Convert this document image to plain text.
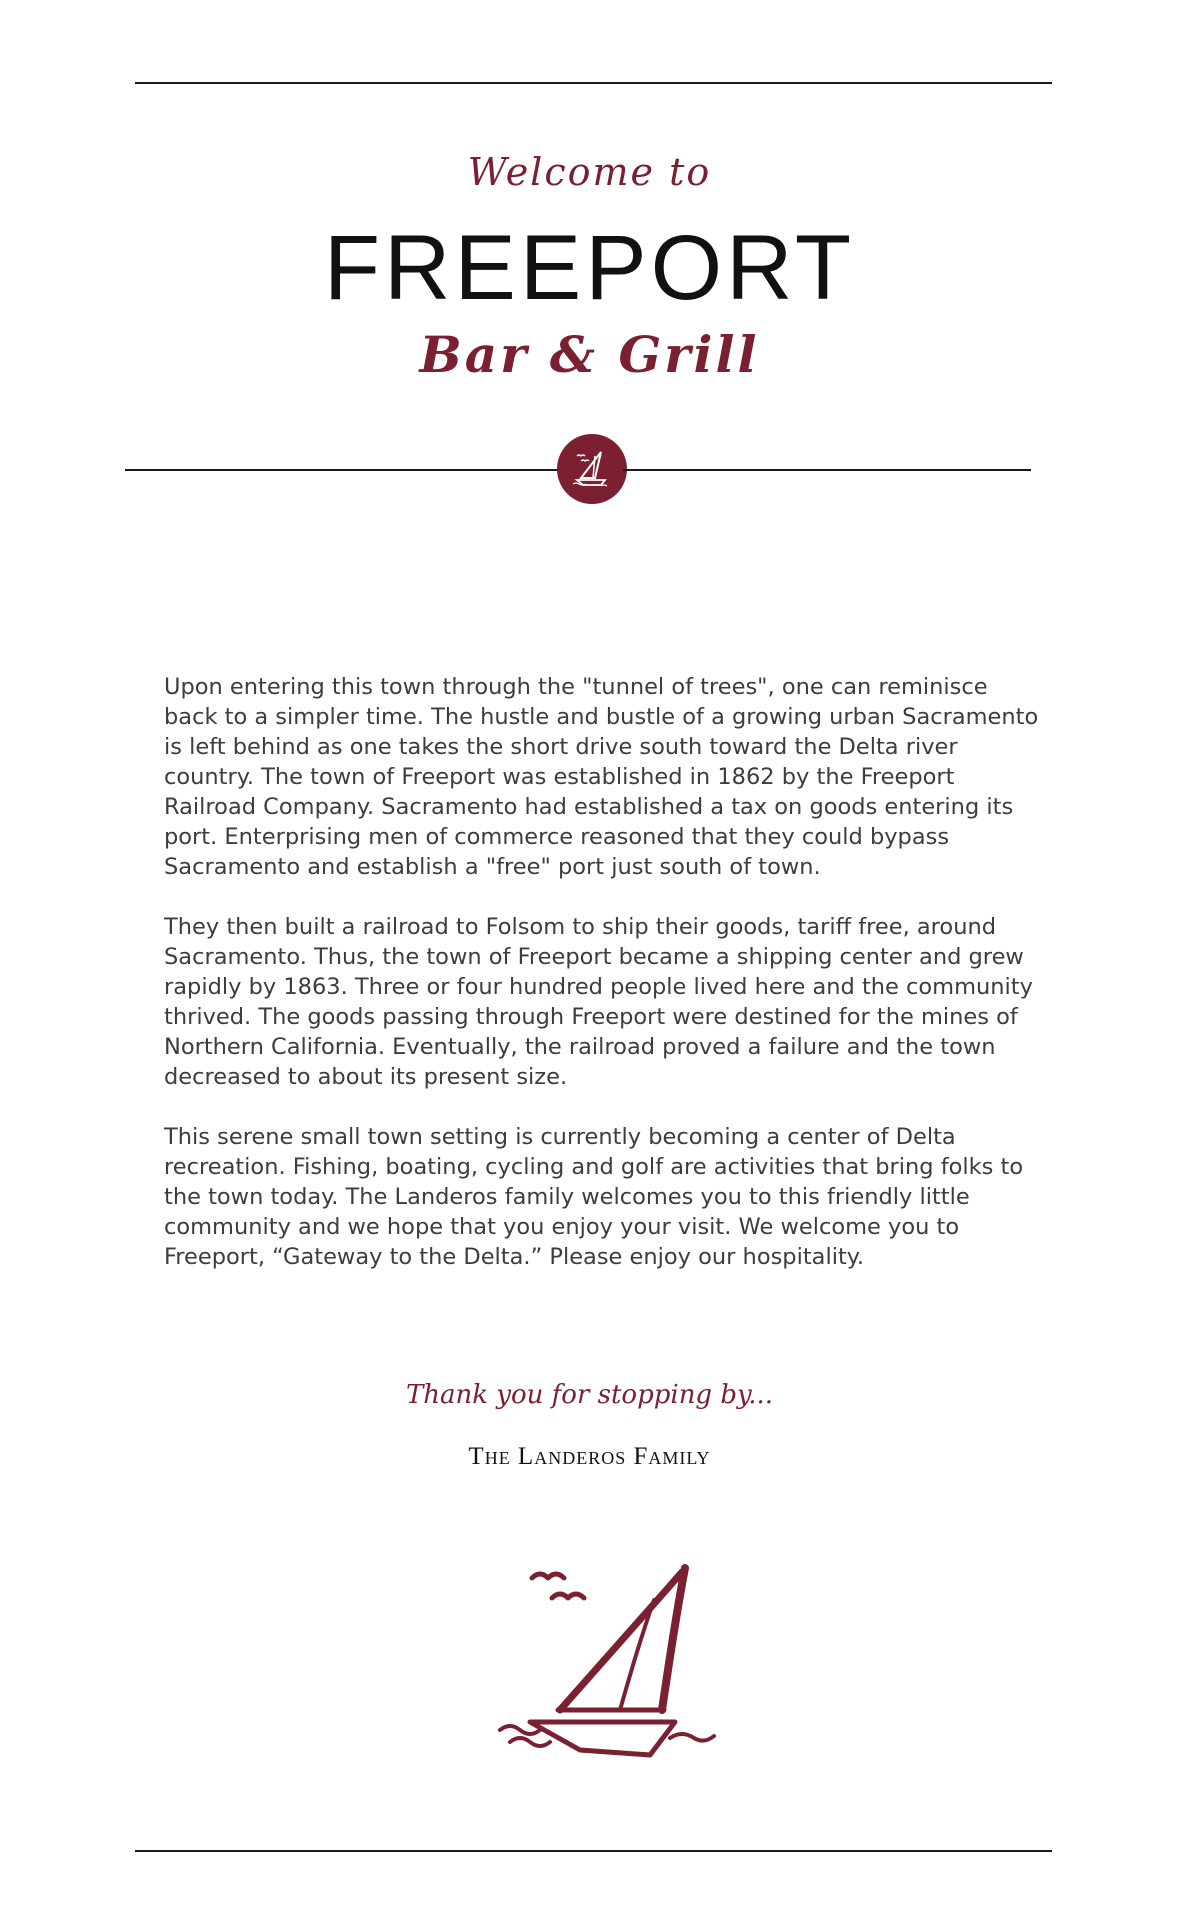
Welcome to
FREEPORT
Bar & Grill

Upon entering this town through the "tunnel of trees", one can reminisce back to a simpler time. The hustle and bustle of a growing urban Sacramento is left behind as one takes the short drive south toward the Delta river country. The town of Freeport was established in 1862 by the Freeport Railroad Company. Sacramento had established a tax on goods entering its port. Enterprising men of commerce reasoned that they could bypass Sacramento and establish a "free" port just south of town.

They then built a railroad to Folsom to ship their goods, tariff free, around Sacramento. Thus, the town of Freeport became a shipping center and grew rapidly by 1863. Three or four hundred people lived here and the community thrived. The goods passing through Freeport were destined for the mines of Northern California. Eventually, the railroad proved a failure and the town decreased to about its present size.

This serene small town setting is currently becoming a center of Delta recreation. Fishing, boating, cycling and golf are activities that bring folks to the town today. The Landeros family welcomes you to this friendly little community and we hope that you enjoy your visit. We welcome you to Freeport, “Gateway to the Delta.” Please enjoy our hospitality.

Thank you for stopping by...
The Landeros Family
